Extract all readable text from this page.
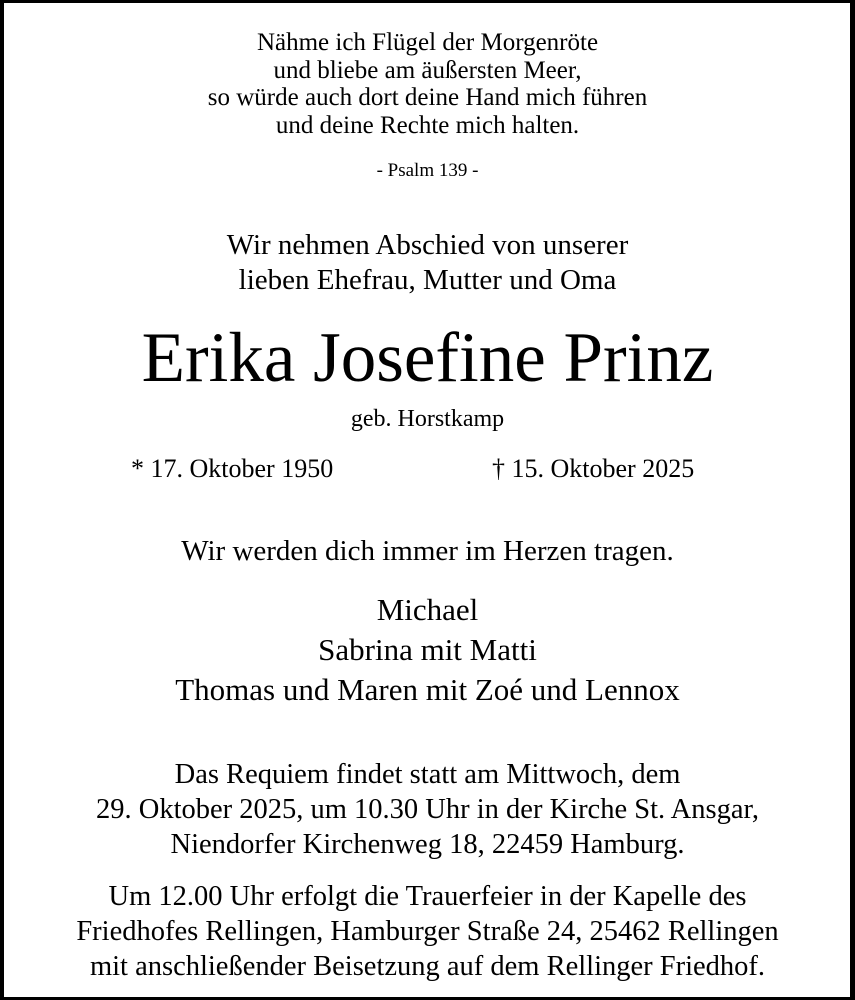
Nähme ich Flügel der Morgenröte
und bliebe am äußersten Meer,
so würde auch dort deine Hand mich führen
und deine Rechte mich halten.
- Psalm 139 -
Wir nehmen Abschied von unserer
lieben Ehefrau, Mutter und Oma
Erika Josefine Prinz
geb. Horstkamp
* 17. Oktober 1950	† 15. Oktober 2025
Wir werden dich immer im Herzen tragen.
Michael
Sabrina mit Matti
Thomas und Maren mit Zoé und Lennox
Das Requiem findet statt am Mittwoch, dem
29. Oktober 2025, um 10.30 Uhr in der Kirche St. Ansgar,
Niendorfer Kirchenweg 18, 22459 Hamburg.
Um 12.00 Uhr erfolgt die Trauerfeier in der Kapelle des
Friedhofes Rellingen, Hamburger Straße 24, 25462 Rellingen
mit anschließender Beisetzung auf dem Rellinger Friedhof.
